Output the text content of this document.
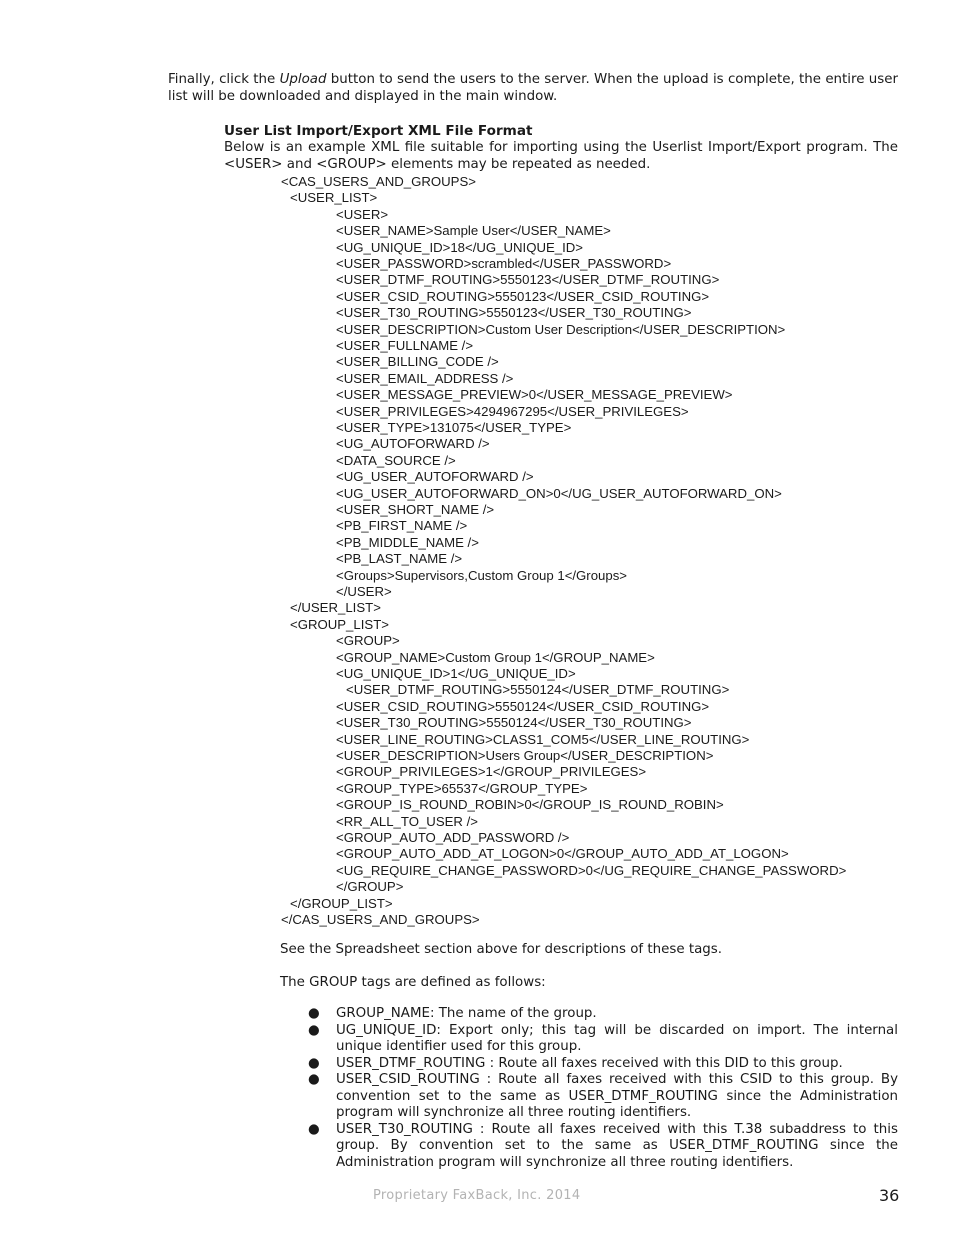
Finally, click the Upload button to send the users to the server. When the upload is complete, the entire user list will be downloaded and displayed in the main window.
User List Import/Export XML File Format
Below is an example XML file suitable for importing using the Userlist Import/Export program. The <USER> and <GROUP> elements may be repeated as needed.
<CAS_USERS_AND_GROUPS>
<USER_LIST>
<USER>
<USER_NAME>Sample User</USER_NAME>
<UG_UNIQUE_ID>18</UG_UNIQUE_ID>
<USER_PASSWORD>scrambled</USER_PASSWORD>
<USER_DTMF_ROUTING>5550123</USER_DTMF_ROUTING>
<USER_CSID_ROUTING>5550123</USER_CSID_ROUTING>
<USER_T30_ROUTING>5550123</USER_T30_ROUTING>
<USER_DESCRIPTION>Custom User Description</USER_DESCRIPTION>
<USER_FULLNAME />
<USER_BILLING_CODE />
<USER_EMAIL_ADDRESS />
<USER_MESSAGE_PREVIEW>0</USER_MESSAGE_PREVIEW>
<USER_PRIVILEGES>4294967295</USER_PRIVILEGES>
<USER_TYPE>131075</USER_TYPE>
<UG_AUTOFORWARD />
<DATA_SOURCE />
<UG_USER_AUTOFORWARD />
<UG_USER_AUTOFORWARD_ON>0</UG_USER_AUTOFORWARD_ON>
<USER_SHORT_NAME />
<PB_FIRST_NAME />
<PB_MIDDLE_NAME />
<PB_LAST_NAME />
<Groups>Supervisors,Custom Group 1</Groups>
</USER>
</USER_LIST>
<GROUP_LIST>
<GROUP>
<GROUP_NAME>Custom Group 1</GROUP_NAME>
<UG_UNIQUE_ID>1</UG_UNIQUE_ID>
<USER_DTMF_ROUTING>5550124</USER_DTMF_ROUTING>
<USER_CSID_ROUTING>5550124</USER_CSID_ROUTING>
<USER_T30_ROUTING>5550124</USER_T30_ROUTING>
<USER_LINE_ROUTING>CLASS1_COM5</USER_LINE_ROUTING>
<USER_DESCRIPTION>Users Group</USER_DESCRIPTION>
<GROUP_PRIVILEGES>1</GROUP_PRIVILEGES>
<GROUP_TYPE>65537</GROUP_TYPE>
<GROUP_IS_ROUND_ROBIN>0</GROUP_IS_ROUND_ROBIN>
<RR_ALL_TO_USER />
<GROUP_AUTO_ADD_PASSWORD />
<GROUP_AUTO_ADD_AT_LOGON>0</GROUP_AUTO_ADD_AT_LOGON>
<UG_REQUIRE_CHANGE_PASSWORD>0</UG_REQUIRE_CHANGE_PASSWORD>
</GROUP>
</GROUP_LIST>
</CAS_USERS_AND_GROUPS>
See the Spreadsheet section above for descriptions of these tags.
The GROUP tags are defined as follows:
● GROUP_NAME: The name of the group.
● UG_UNIQUE_ID: Export only; this tag will be discarded on import. The internal unique identifier used for this group.
● USER_DTMF_ROUTING : Route all faxes received with this DID to this group.
● USER_CSID_ROUTING : Route all faxes received with this CSID to this group. By convention set to the same as USER_DTMF_ROUTING since the Administration program will synchronize all three routing identifiers.
● USER_T30_ROUTING : Route all faxes received with this T.38 subaddress to this group. By convention set to the same as USER_DTMF_ROUTING since the Administration program will synchronize all three routing identifiers.
Proprietary FaxBack, Inc. 2014	36
